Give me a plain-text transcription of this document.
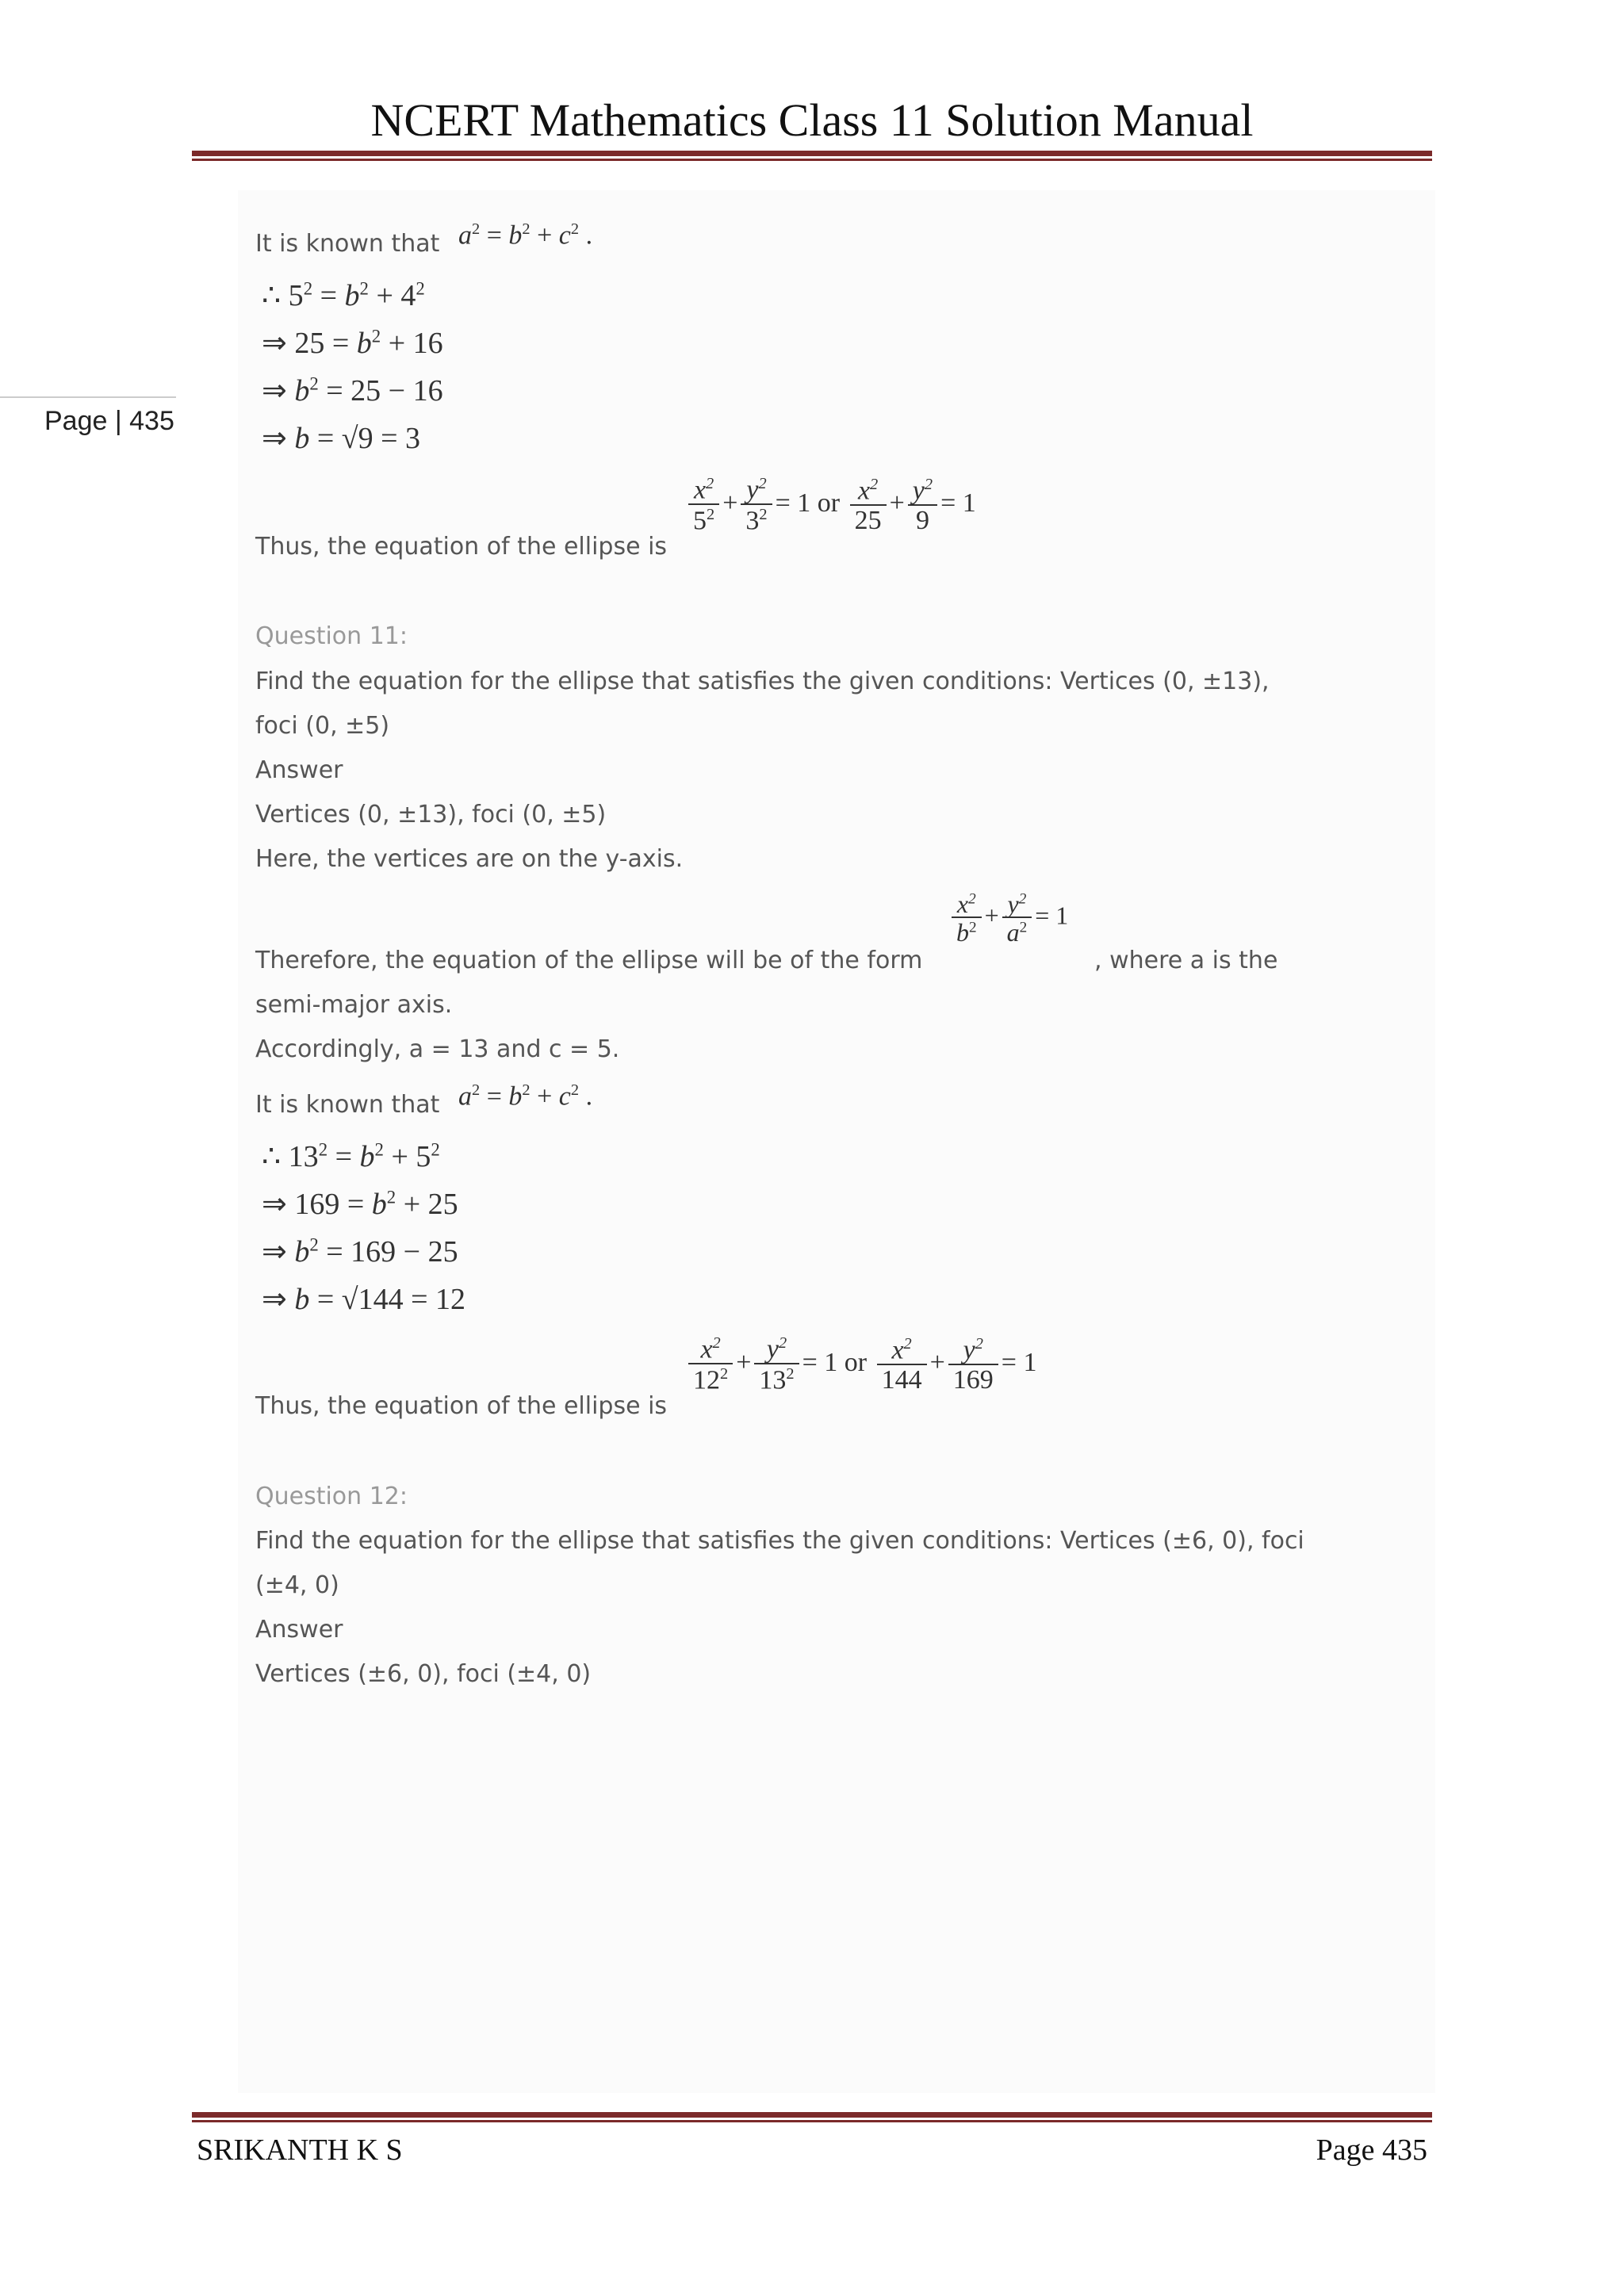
NCERT Mathematics Class 11 Solution Manual
Page | 435
It is known that $a^2 = b^2 + c^2$ .
∴ $5^2 = b^2 + 4^2$
⇒ $25 = b^2 + 16$
⇒ $b^2 = 25 - 16$
⇒ b = √9 = 3
Thus, the equation of the ellipse is
$\frac{x^2}{5^2} + \frac{y^2}{3^2} = 1$ or $\frac{x^2}{25} + \frac{y^2}{9} = 1$
Question 11:
Find the equation for the ellipse that satisfies the given conditions: Vertices (0, ±13),
foci (0, ±5)
Answer
Vertices (0, ±13), foci (0, ±5)
Here, the vertices are on the y-axis.
Therefore, the equation of the ellipse will be of the form
$\frac{x^2}{b^2} + \frac{y^2}{a^2} = 1$
, where a is the
semi-major axis.
Accordingly, a = 13 and c = 5.
It is known that $a^2 = b^2 + c^2$ .
∴ $13^2 = b^2 + 5^2$
⇒ $169 = b^2 + 25$
⇒ $b^2 = 169 - 25$
⇒ b = √144 = 12
Thus, the equation of the ellipse is
$\frac{x^2}{12^2} + \frac{y^2}{13^2} = 1$ or $\frac{x^2}{144} + \frac{y^2}{169} = 1$
Question 12:
Find the equation for the ellipse that satisfies the given conditions: Vertices (±6, 0), foci
(±4, 0)
Answer
Vertices (±6, 0), foci (±4, 0)
SRIKANTH K S	Page 435
